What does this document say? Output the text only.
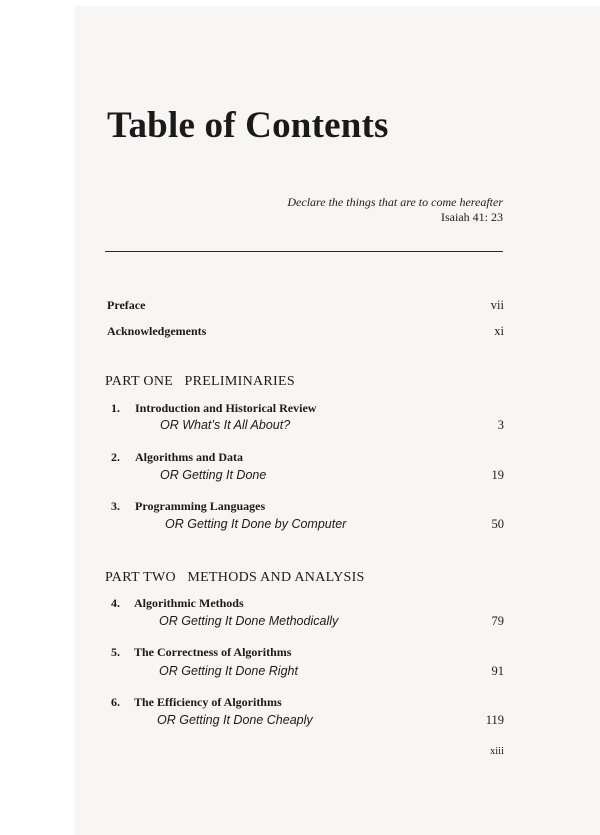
Table of Contents
Declare the things that are to come hereafter
Isaiah 41: 23
Preface	vii
Acknowledgements	xi
PART ONE   PRELIMINARIES
1. Introduction and Historical Review
OR What’s It All About?	3
2. Algorithms and Data
OR Getting It Done	19
3. Programming Languages
OR Getting It Done by Computer	50
PART TWO   METHODS AND ANALYSIS
4. Algorithmic Methods
OR Getting It Done Methodically	79
5. The Correctness of Algorithms
OR Getting It Done Right	91
6. The Efficiency of Algorithms
OR Getting It Done Cheaply	119
xiii
